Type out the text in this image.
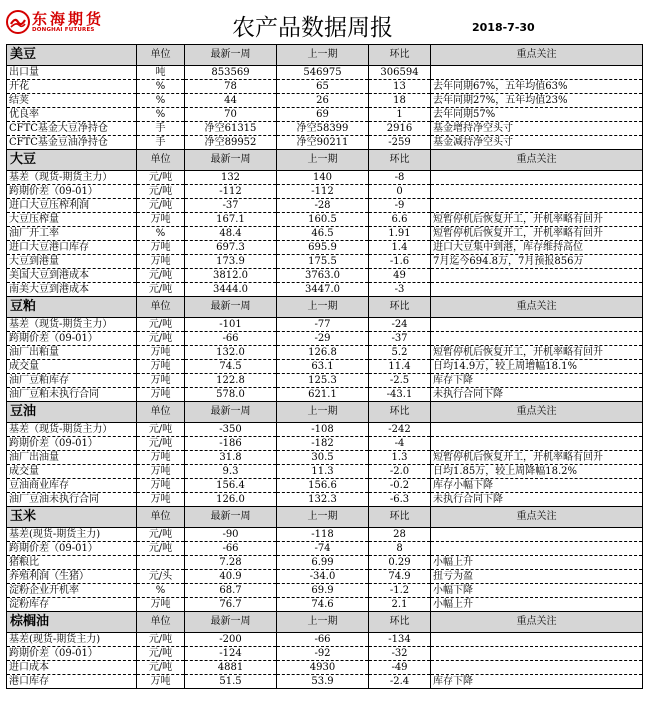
东海期货
DONGHAI FUTURES	农产品数据周报	2018-7-30
美豆	单位	最新一周	上一期	环比	重点关注
出口量	吨	853569	546975	306594	
开花	%	78	65	13	去年同期67%，五年均值63%
结荚	%	44	26	18	去年同期27%，五年均值23%
优良率	%	70	69	1	去年同期57%
CFTC基金大豆净持仓	手	净空61315	净空58399	2916	基金增持净空头寸
CFTC基金豆油净持仓	手	净空89952	净空90211	-259	基金减持净空头寸
大豆	单位	最新一周	上一期	环比	重点关注
基差（现货-期货主力）	元/吨	132	140	-8	
跨期价差（09-01）	元/吨	-112	-112	0	
进口大豆压榨利润	元/吨	-37	-28	-9	
大豆压榨量	万吨	167.1	160.5	6.6	短暂停机后恢复开工，开机率略有回升
油厂开工率	%	48.4	46.5	1.91	短暂停机后恢复开工，开机率略有回升
进口大豆港口库存	万吨	697.3	695.9	1.4	进口大豆集中到港，库存维持高位
大豆到港量	万吨	173.9	175.5	-1.6	7月迄今694.8万，7月预报856万
美国大豆到港成本	元/吨	3812.0	3763.0	49	
南美大豆到港成本	元/吨	3444.0	3447.0	-3	
豆粕	单位	最新一周	上一期	环比	重点关注
基差（现货-期货主力）	元/吨	-101	-77	-24	
跨期价差（09-01）	元/吨	-66	-29	-37	
油厂出粕量	万吨	132.0	126.8	5.2	短暂停机后恢复开工，开机率略有回升
成交量	万吨	74.5	63.1	11.4	日均14.9万，较上周增幅18.1%
油厂豆粕库存	万吨	122.8	125.3	-2.5	库存下降
油厂豆粕未执行合同	万吨	578.0	621.1	-43.1	未执行合同下降
豆油	单位	最新一周	上一期	环比	重点关注
基差（现货-期货主力）	元/吨	-350	-108	-242	
跨期价差（09-01）	元/吨	-186	-182	-4	
油厂出油量	万吨	31.8	30.5	1.3	短暂停机后恢复开工，开机率略有回升
成交量	万吨	9.3	11.3	-2.0	日均1.85万，较上周降幅18.2%
豆油商业库存	万吨	156.4	156.6	-0.2	库存小幅下降
油厂豆油未执行合同	万吨	126.0	132.3	-6.3	未执行合同下降
玉米	单位	最新一周	上一期	环比	重点关注
基差(现货-期货主力)	元/吨	-90	-118	28	
跨期价差（09-01）	元/吨	-66	-74	8	
猪粮比		7.28	6.99	0.29	小幅上升
养殖利润（生猪）	元/头	40.9	-34.0	74.9	扭亏为盈
淀粉企业开机率	%	68.7	69.9	-1.2	小幅下降
淀粉库存	万吨	76.7	74.6	2.1	小幅上升
棕榈油	单位	最新一周	上一期	环比	重点关注
基差(现货-期货主力)	元/吨	-200	-66	-134	
跨期价差（09-01）	元/吨	-124	-92	-32	
进口成本	元/吨	4881	4930	-49	
港口库存	万吨	51.5	53.9	-2.4	库存下降
